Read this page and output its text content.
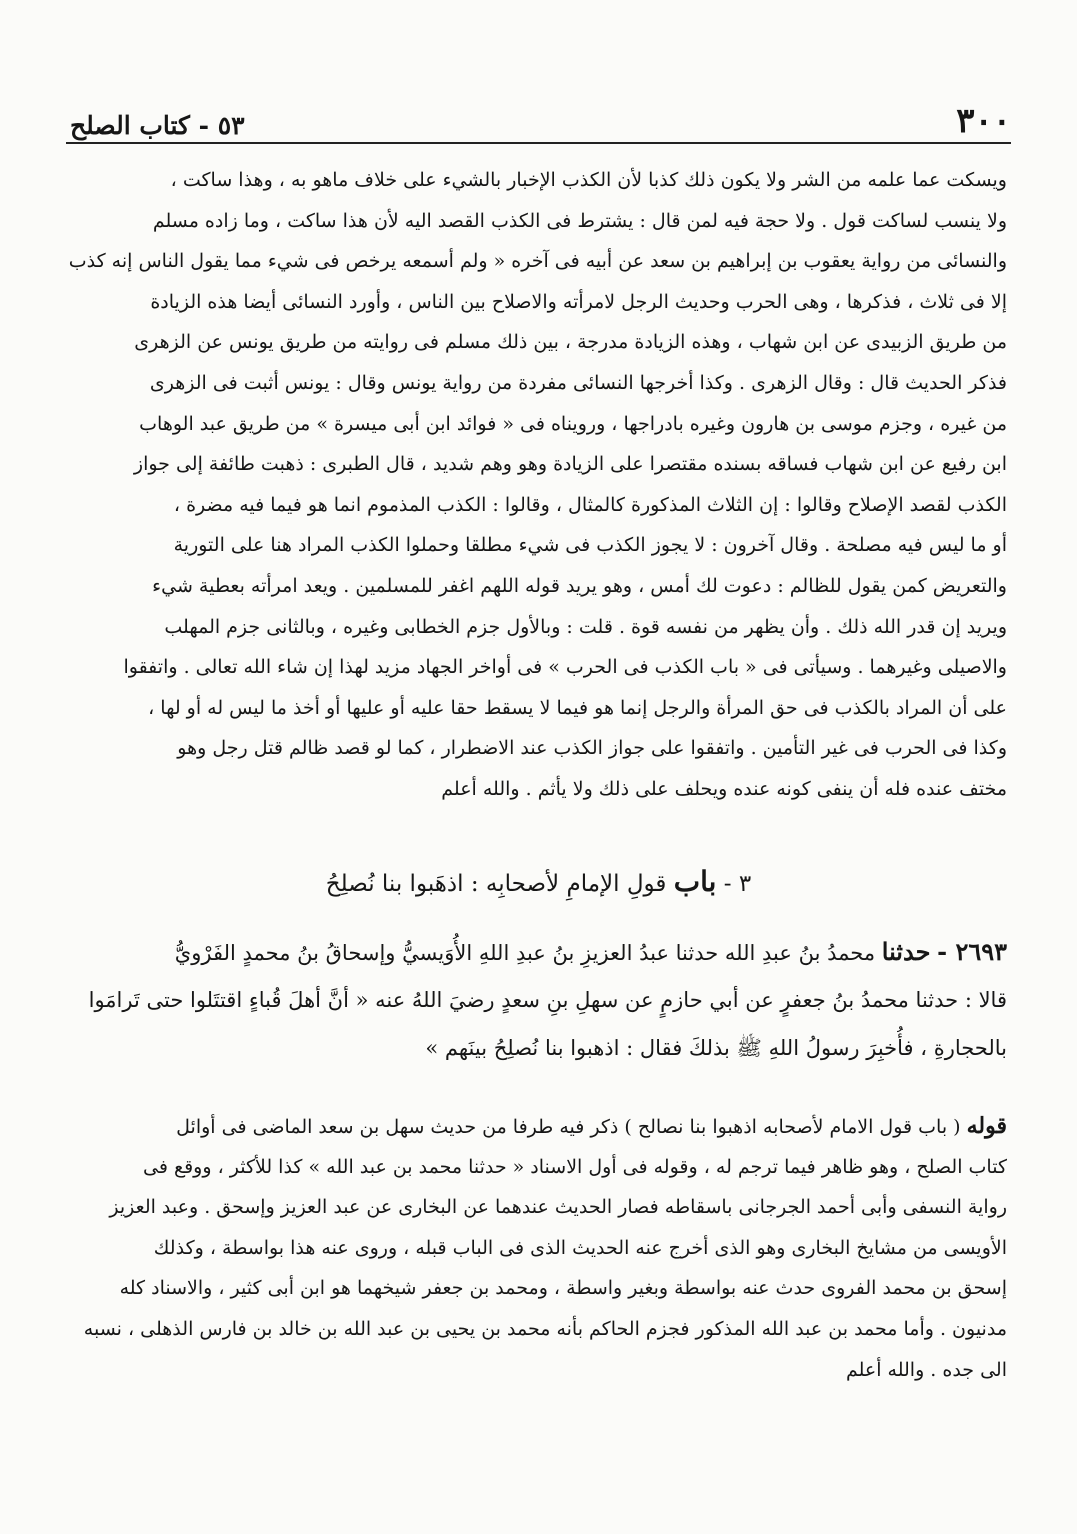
٣٠٠
٥٣ - كتاب الصلح
ويسكت عما علمه من الشر ولا يكون ذلك كذبا لأن الكذب الإخبار بالشيء على خلاف ماهو به ، وهذا ساكت ،
ولا ينسب لساكت قول . ولا حجة فيه لمن قال : يشترط فى الكذب القصد اليه لأن هذا ساكت ، وما زاده مسلم
والنسائى من رواية يعقوب بن إبراهيم بن سعد عن أبيه فى آخره « ولم أسمعه يرخص فى شيء مما يقول الناس إنه كذب
إلا فى ثلاث ، فذكرها ، وهى الحرب وحديث الرجل لامرأته والاصلاح بين الناس ، وأورد النسائى أيضا هذه الزيادة
من طريق الزبيدى عن ابن شهاب ، وهذه الزيادة مدرجة ، بين ذلك مسلم فى روايته من طريق يونس عن الزهرى
فذكر الحديث قال : وقال الزهرى . وكذا أخرجها النسائى مفردة من رواية يونس وقال : يونس أثبت فى الزهرى
من غيره ، وجزم موسى بن هارون وغيره بادراجها ، ورويناه فى « فوائد ابن أبى ميسرة » من طريق عبد الوهاب
ابن رفيع عن ابن شهاب فساقه بسنده مقتصرا على الزيادة وهو وهم شديد ، قال الطبرى : ذهبت طائفة إلى جواز
الكذب لقصد الإصلاح وقالوا : إن الثلاث المذكورة كالمثال ، وقالوا : الكذب المذموم انما هو فيما فيه مضرة ،
أو ما ليس فيه مصلحة . وقال آخرون : لا يجوز الكذب فى شيء مطلقا وحملوا الكذب المراد هنا على التورية
والتعريض كمن يقول للظالم : دعوت لك أمس ، وهو يريد قوله اللهم اغفر للمسلمين . ويعد امرأته بعطية شيء
ويريد إن قدر الله ذلك . وأن يظهر من نفسه قوة . قلت : وبالأول جزم الخطابى وغيره ، وبالثانى جزم المهلب
والاصيلى وغيرهما . وسيأتى فى « باب الكذب فى الحرب » فى أواخر الجهاد مزيد لهذا إن شاء الله تعالى . واتفقوا
على أن المراد بالكذب فى حق المرأة والرجل إنما هو فيما لا يسقط حقا عليه أو عليها أو أخذ ما ليس له أو لها ،
وكذا فى الحرب فى غير التأمين . واتفقوا على جواز الكذب عند الاضطرار ، كما لو قصد ظالم قتل رجل وهو
مختف عنده فله أن ينفى كونه عنده ويحلف على ذلك ولا يأثم . والله أعلم
٣ - باب قولِ الإمامِ لأصحابِه : اذهَبوا بنا نُصلِحُ
٢٦٩٣ - حدثنا محمدُ بنُ عبدِ الله حدثنا عبدُ العزيزِ بنُ عبدِ اللهِ الأُوَيسيُّ وإسحاقُ بنُ محمدٍ الفَرْويُّ
قالا : حدثنا محمدُ بنُ جعفرٍ عن أبي حازمٍ عن سهلِ بنِ سعدٍ رضيَ اللهُ عنه « أنَّ أهلَ قُباءٍ اقتتَلوا حتى تَرامَوا
بالحجارةِ ، فأُخبِرَ رسولُ اللهِ ﷺ بذلكَ فقال : اذهبوا بنا نُصلِحُ بينَهم »
قوله ( باب قول الامام لأصحابه اذهبوا بنا نصالح ) ذكر فيه طرفا من حديث سهل بن سعد الماضى فى أوائل
كتاب الصلح ، وهو ظاهر فيما ترجم له ، وقوله فى أول الاسناد « حدثنا محمد بن عبد الله » كذا للأكثر ، ووقع فى
رواية النسفى وأبى أحمد الجرجانى باسقاطه فصار الحديث عندهما عن البخارى عن عبد العزيز وإسحق . وعبد العزيز
الأويسى من مشايخ البخارى وهو الذى أخرج عنه الحديث الذى فى الباب قبله ، وروى عنه هذا بواسطة ، وكذلك
إسحق بن محمد الفروى حدث عنه بواسطة وبغير واسطة ، ومحمد بن جعفر شيخهما هو ابن أبى كثير ، والاسناد كله
مدنيون . وأما محمد بن عبد الله المذكور فجزم الحاكم بأنه محمد بن يحيى بن عبد الله بن خالد بن فارس الذهلى ، نسبه
الى جده . والله أعلم
